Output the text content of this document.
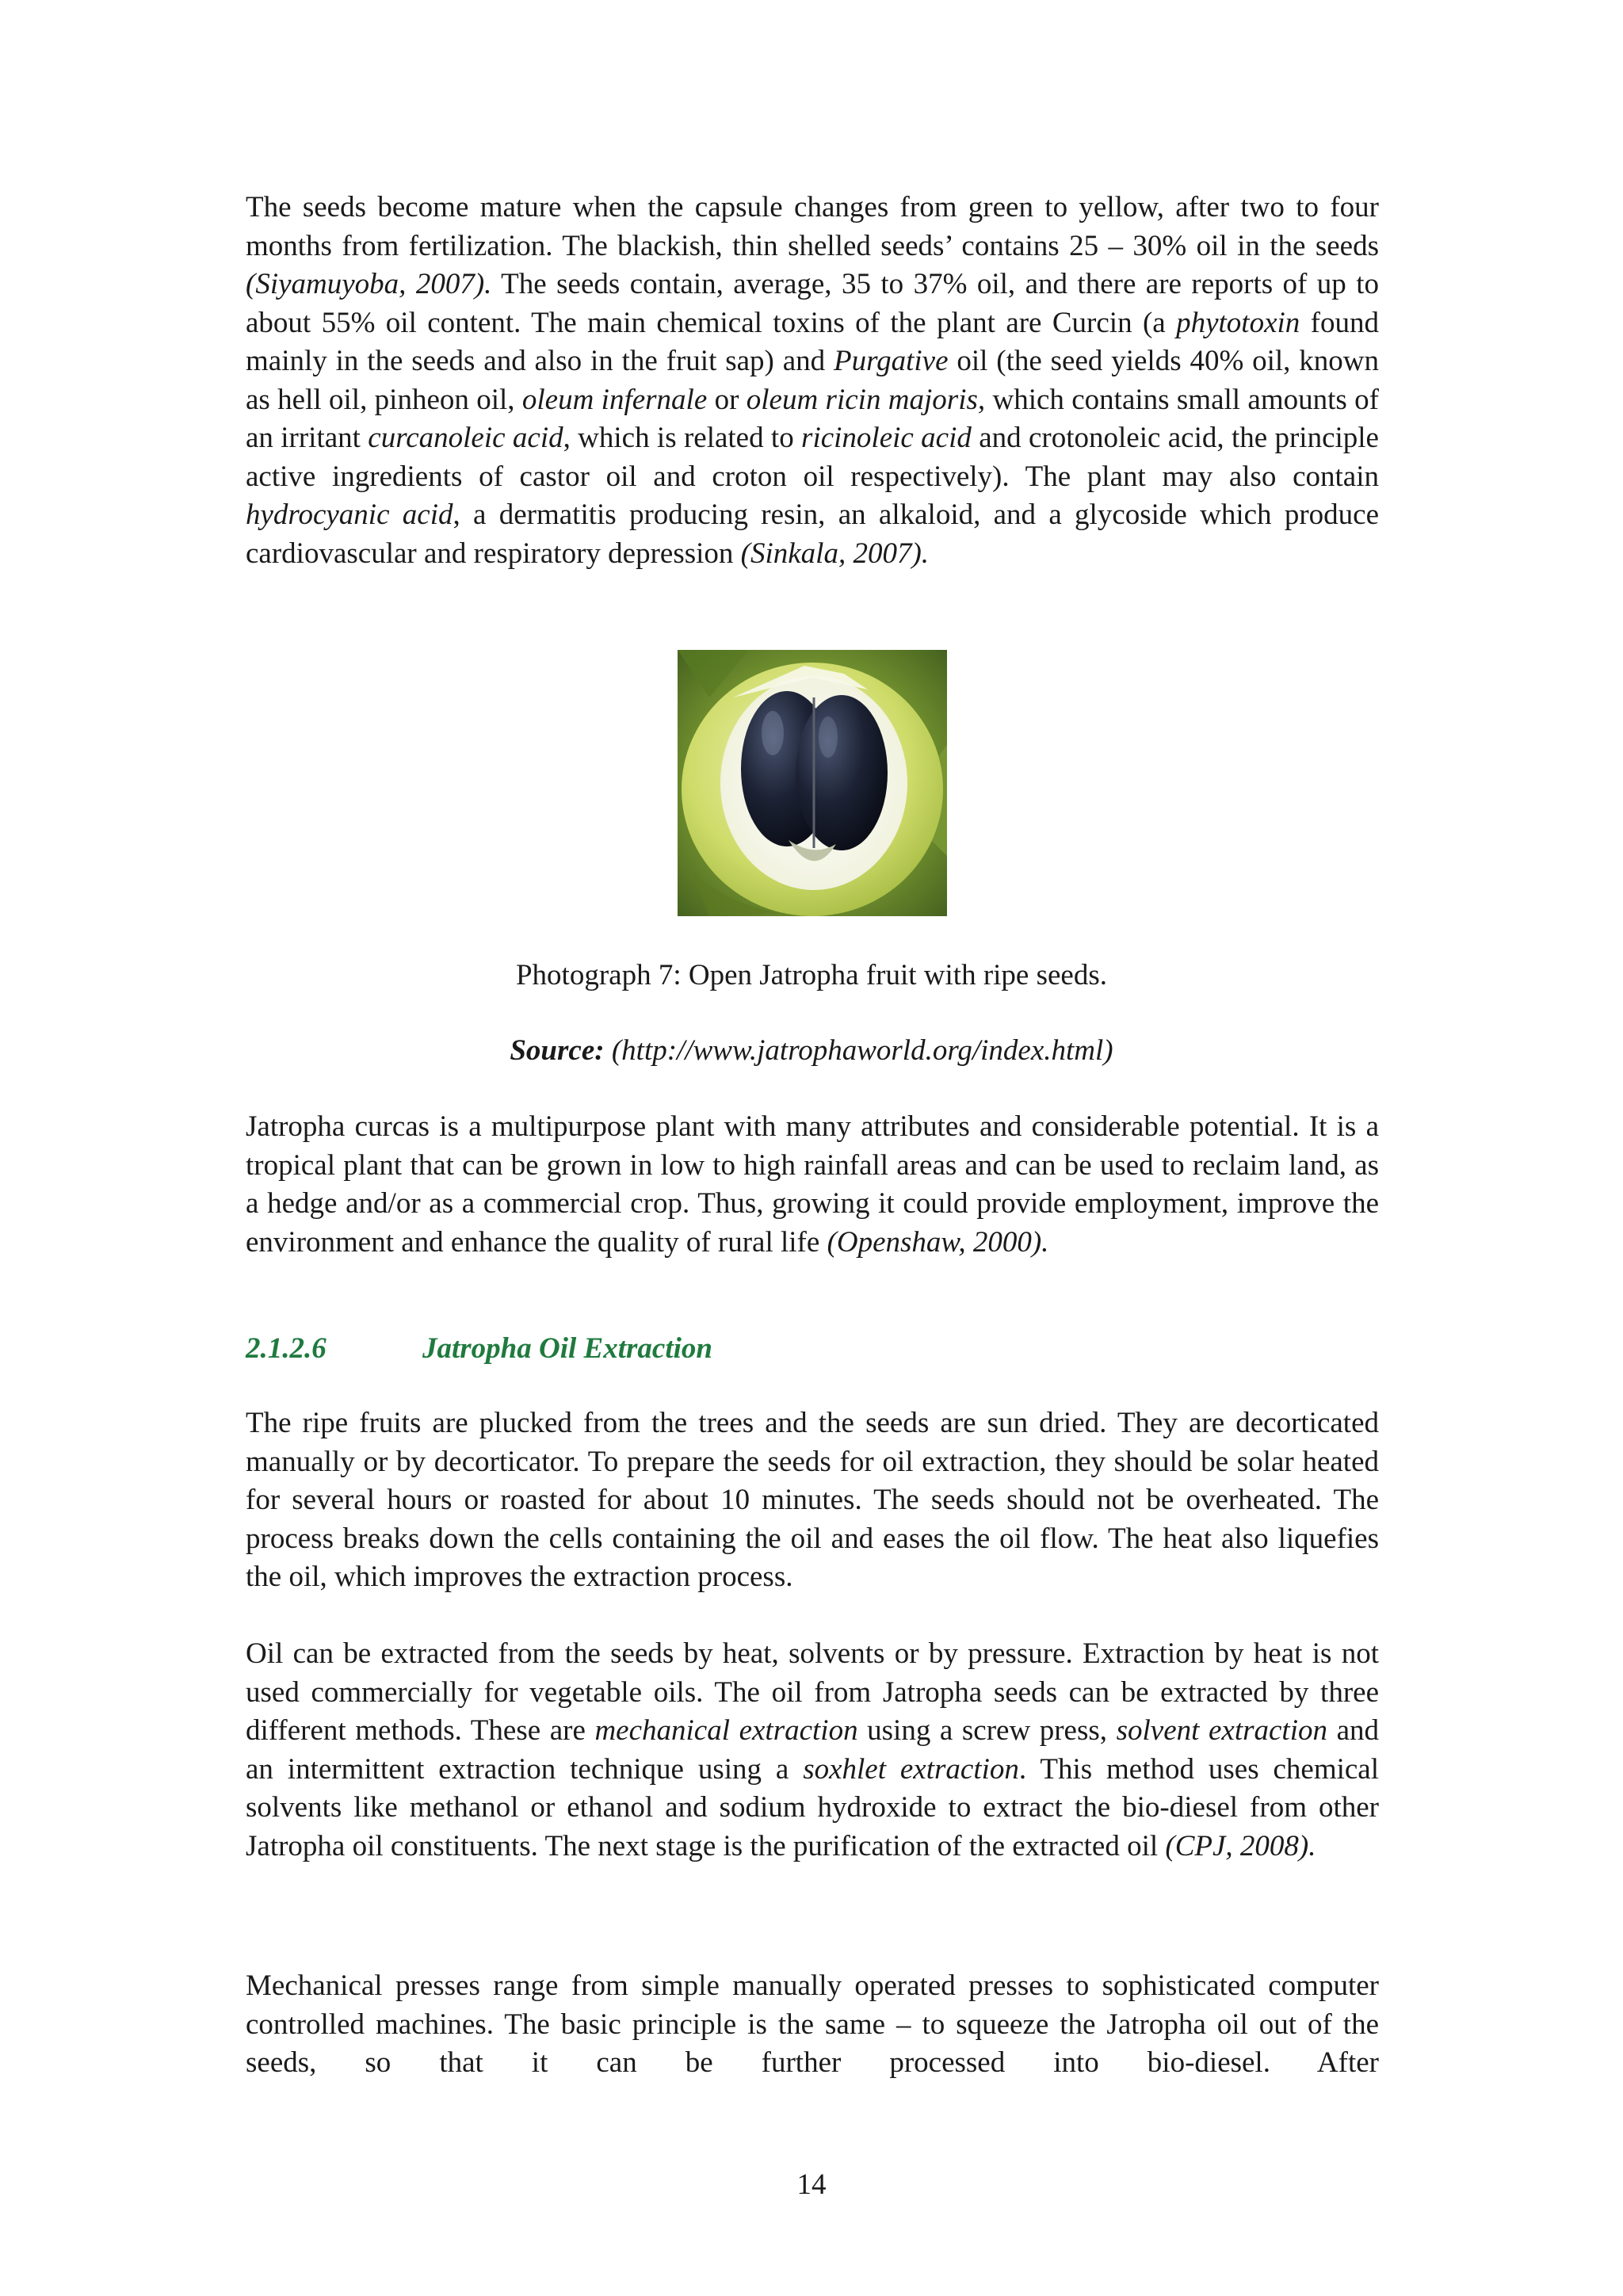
The seeds become mature when the capsule changes from green to yellow, after two to four months from fertilization. The blackish, thin shelled seeds’ contains 25 – 30% oil in the seeds (Siyamuyoba, 2007). The seeds contain, average, 35 to 37% oil, and there are reports of up to about 55% oil content. The main chemical toxins of the plant are Curcin (a phytotoxin found mainly in the seeds and also in the fruit sap) and Purgative oil (the seed yields 40% oil, known as hell oil, pinheon oil, oleum infernale or oleum ricin majoris, which contains small amounts of an irritant curcanoleic acid, which is related to ricinoleic acid and crotonoleic acid, the principle active ingredients of castor oil and croton oil respectively). The plant may also contain hydrocyanic acid, a dermatitis producing resin, an alkaloid, and a glycoside which produce cardiovascular and respiratory depression (Sinkala, 2007).

Photograph 7: Open Jatropha fruit with ripe seeds.
Source: (http://www.jatrophaworld.org/index.html)

Jatropha curcas is a multipurpose plant with many attributes and considerable potential. It is a tropical plant that can be grown in low to high rainfall areas and can be used to reclaim land, as a hedge and/or as a commercial crop. Thus, growing it could provide employment, improve the environment and enhance the quality of rural life (Openshaw, 2000).

2.1.2.6	Jatropha Oil Extraction

The ripe fruits are plucked from the trees and the seeds are sun dried. They are decorticated manually or by decorticator. To prepare the seeds for oil extraction, they should be solar heated for several hours or roasted for about 10 minutes. The seeds should not be overheated. The process breaks down the cells containing the oil and eases the oil flow. The heat also liquefies the oil, which improves the extraction process.

Oil can be extracted from the seeds by heat, solvents or by pressure. Extraction by heat is not used commercially for vegetable oils. The oil from Jatropha seeds can be extracted by three different methods. These are mechanical extraction using a screw press, solvent extraction and an intermittent extraction technique using a soxhlet extraction. This method uses chemical solvents like methanol or ethanol and sodium hydroxide to extract the bio-diesel from other Jatropha oil constituents. The next stage is the purification of the extracted oil (CPJ, 2008).

Mechanical presses range from simple manually operated presses to sophisticated computer controlled machines. The basic principle is the same – to squeeze the Jatropha oil out of the seeds, so that it can be further processed into bio-diesel. After

14
